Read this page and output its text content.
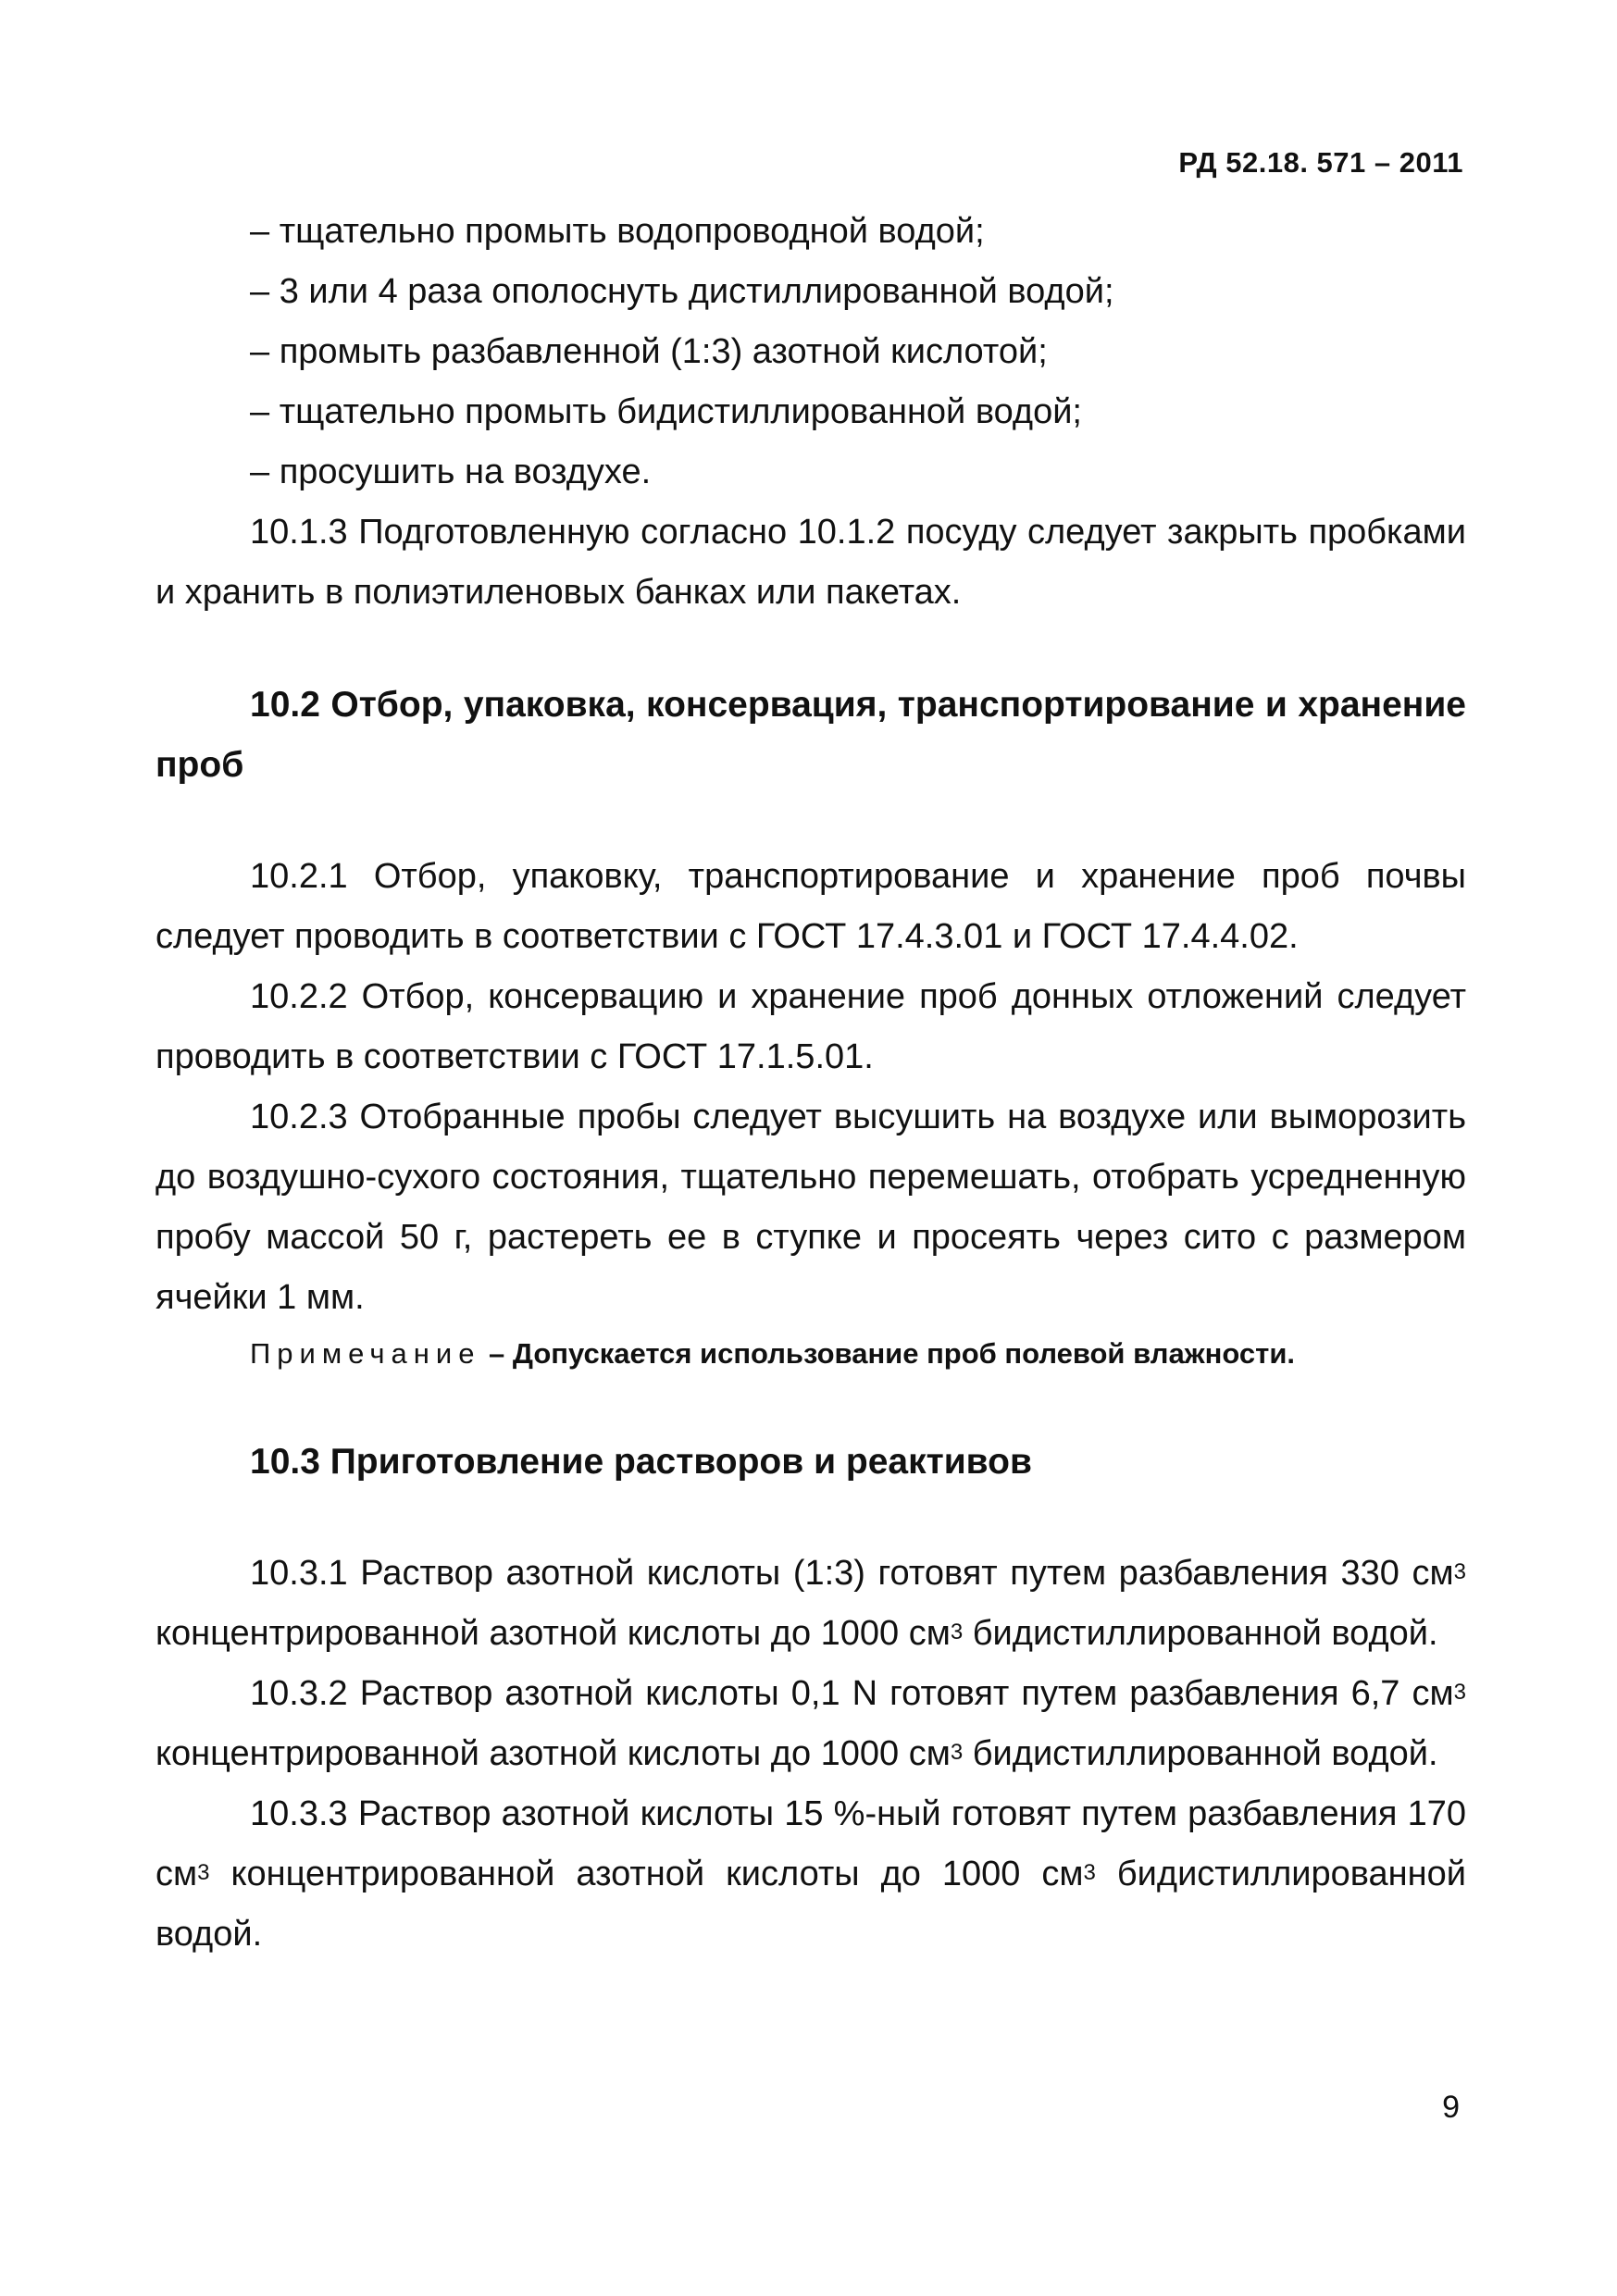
РД 52.18. 571 – 2011

– тщательно промыть водопроводной водой;

– 3 или 4 раза ополоснуть дистиллированной водой;

– промыть разбавленной (1:3) азотной кислотой;

– тщательно промыть бидистиллированной водой;

– просушить на воздухе.

10.1.3 Подготовленную согласно 10.1.2 посуду следует закрыть пробками и хранить в полиэтиленовых банках или пакетах.

10.2 Отбор, упаковка, консервация, транспортирование и хранение проб

10.2.1 Отбор, упаковку, транспортирование и хранение проб почвы следует проводить в соответствии с ГОСТ 17.4.3.01 и ГОСТ 17.4.4.02.

10.2.2 Отбор, консервацию и хранение проб донных отложений следует проводить в соответствии с ГОСТ 17.1.5.01.

10.2.3 Отобранные пробы следует высушить на воздухе или выморозить до воздушно-сухого состояния, тщательно перемешать, отобрать усредненную пробу массой 50 г, растереть ее в ступке и просеять через сито с размером ячейки 1 мм.

Примечание – Допускается использование проб полевой влажности.

10.3 Приготовление растворов и реактивов

10.3.1 Раствор азотной кислоты (1:3) готовят путем разбавления 330 $см^3$ концентрированной азотной кислоты до 1000 $см^3$ бидистиллированной водой.

10.3.2 Раствор азотной кислоты 0,1 N готовят путем разбавления 6,7 $см^3$ концентрированной азотной кислоты до 1000 $см^3$ бидистиллированной водой.

10.3.3 Раствор азотной кислоты 15 %-ный готовят путем разбавления 170 $см^3$ концентрированной азотной кислоты до 1000 $см^3$ бидистиллированной водой.

9
